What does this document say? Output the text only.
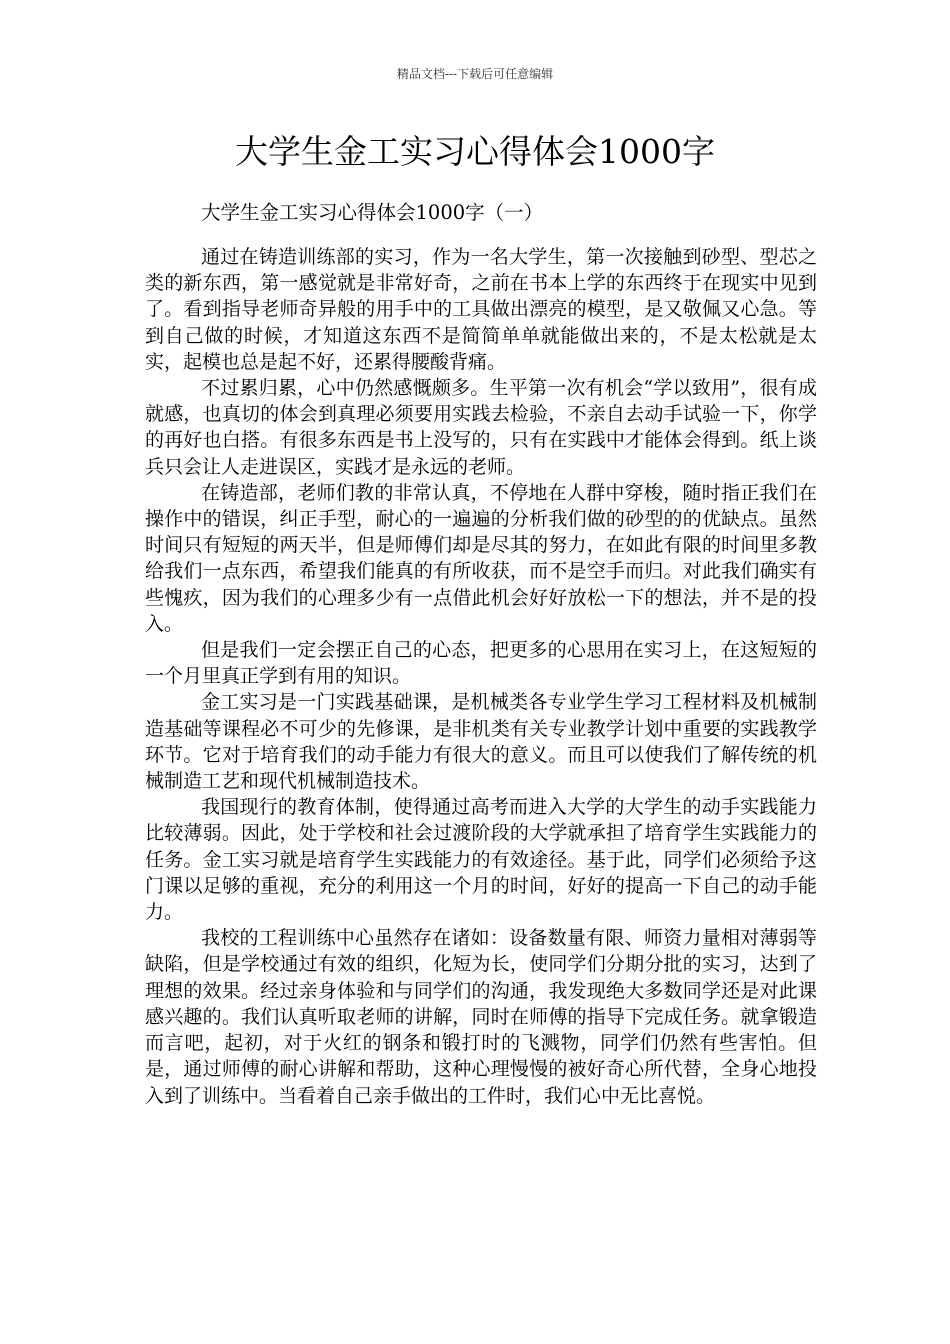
精品文档---下载后可任意编辑
大学生金工实习心得体会1000字

大学生金工实习心得体会1000字（一）

通过在铸造训练部的实习，作为一名大学生，第一次接触到砂型、型芯之类的新东西，第一感觉就是非常好奇，之前在书本上学的东西终于在现实中见到了。看到指导老师奇异般的用手中的工具做出漂亮的模型，是又敬佩又心急。等到自己做的时候，才知道这东西不是简简单单就能做出来的，不是太松就是太实，起模也总是起不好，还累得腰酸背痛。

不过累归累，心中仍然感慨颇多。生平第一次有机会“学以致用”，很有成就感，也真切的体会到真理必须要用实践去检验，不亲自去动手试验一下，你学的再好也白搭。有很多东西是书上没写的，只有在实践中才能体会得到。纸上谈兵只会让人走进误区，实践才是永远的老师。

在铸造部，老师们教的非常认真，不停地在人群中穿梭，随时指正我们在操作中的错误，纠正手型，耐心的一遍遍的分析我们做的砂型的的优缺点。虽然时间只有短短的两天半，但是师傅们却是尽其的努力，在如此有限的时间里多教给我们一点东西，希望我们能真的有所收获，而不是空手而归。对此我们确实有些愧疚，因为我们的心理多少有一点借此机会好好放松一下的想法，并不是的投入。

但是我们一定会摆正自己的心态，把更多的心思用在实习上，在这短短的一个月里真正学到有用的知识。

金工实习是一门实践基础课，是机械类各专业学生学习工程材料及机械制造基础等课程必不可少的先修课，是非机类有关专业教学计划中重要的实践教学环节。它对于培育我们的动手能力有很大的意义。而且可以使我们了解传统的机械制造工艺和现代机械制造技术。

我国现行的教育体制，使得通过高考而进入大学的大学生的动手实践能力比较薄弱。因此，处于学校和社会过渡阶段的大学就承担了培育学生实践能力的任务。金工实习就是培育学生实践能力的有效途径。基于此，同学们必须给予这门课以足够的重视，充分的利用这一个月的时间，好好的提高一下自己的动手能力。

我校的工程训练中心虽然存在诸如：设备数量有限、师资力量相对薄弱等缺陷，但是学校通过有效的组织，化短为长，使同学们分期分批的实习，达到了理想的效果。经过亲身体验和与同学们的沟通，我发现绝大多数同学还是对此课感兴趣的。我们认真听取老师的讲解，同时在师傅的指导下完成任务。就拿锻造而言吧，起初，对于火红的钢条和锻打时的飞溅物，同学们仍然有些害怕。但是，通过师傅的耐心讲解和帮助，这种心理慢慢的被好奇心所代替，全身心地投入到了训练中。当看着自己亲手做出的工件时，我们心中无比喜悦。
